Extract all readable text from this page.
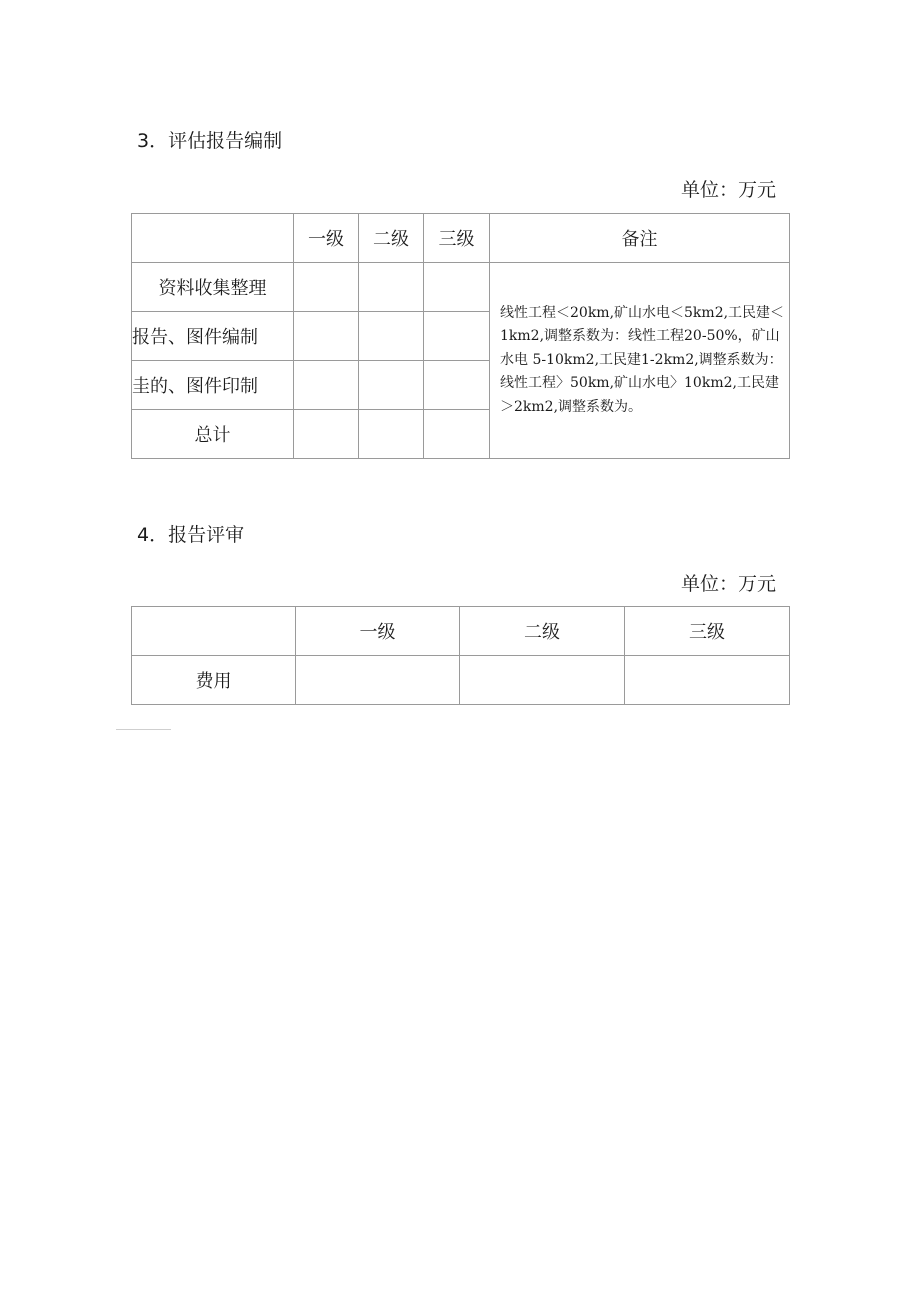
3．评估报告编制
单位：万元
	一级	二级	三级	备注
资料收集整理				线性工程＜20km,矿山水电＜5km2,工民建＜1km2,调整系数为：线性工程20-50%，矿山水电 5-10km2,工民建1-2km2,调整系数为：线性工程〉50km,矿山水电〉10km2,工民建＞2km2,调整系数为。
报告、图件编制				
圭的、图件印制				
总计				
4．报告评审
单位：万元
	一级	二级	三级
费用			
